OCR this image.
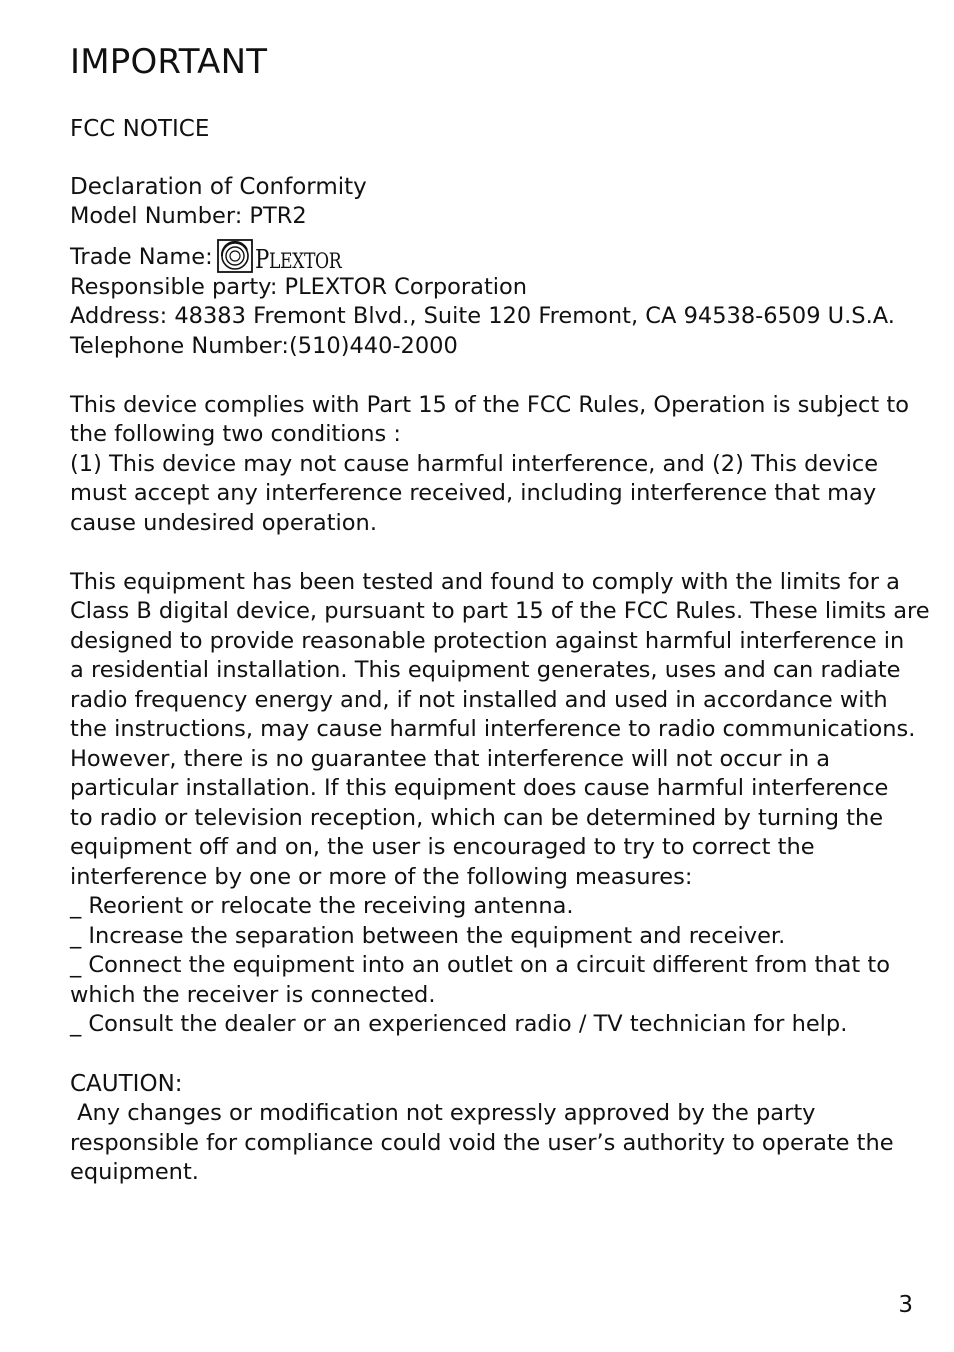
IMPORTANT
FCC NOTICE
Declaration of Conformity
Model Number: PTR2
Trade Name: PLEXTOR
Responsible party: PLEXTOR Corporation
Address: 48383 Fremont Blvd., Suite 120 Fremont, CA 94538-6509 U.S.A.
Telephone Number:(510)440-2000
This device complies with Part 15 of the FCC Rules, Operation is subject to
the following two conditions :
(1) This device may not cause harmful interference, and (2) This device
must accept any interference received, including interference that may
cause undesired operation.
This equipment has been tested and found to comply with the limits for a
Class B digital device, pursuant to part 15 of the FCC Rules. These limits are
designed to provide reasonable protection against harmful interference in
a residential installation. This equipment generates, uses and can radiate
radio frequency energy and, if not installed and used in accordance with
the instructions, may cause harmful interference to radio communications.
However, there is no guarantee that interference will not occur in a
particular installation. If this equipment does cause harmful interference
to radio or television reception, which can be determined by turning the
equipment off and on, the user is encouraged to try to correct the
interference by one or more of the following measures:
_ Reorient or relocate the receiving antenna.
_ Increase the separation between the equipment and receiver.
_ Connect the equipment into an outlet on a circuit different from that to
which the receiver is connected.
_ Consult the dealer or an experienced radio / TV technician for help.
CAUTION:
Any changes or modification not expressly approved by the party
responsible for compliance could void the user’s authority to operate the
equipment.
3
